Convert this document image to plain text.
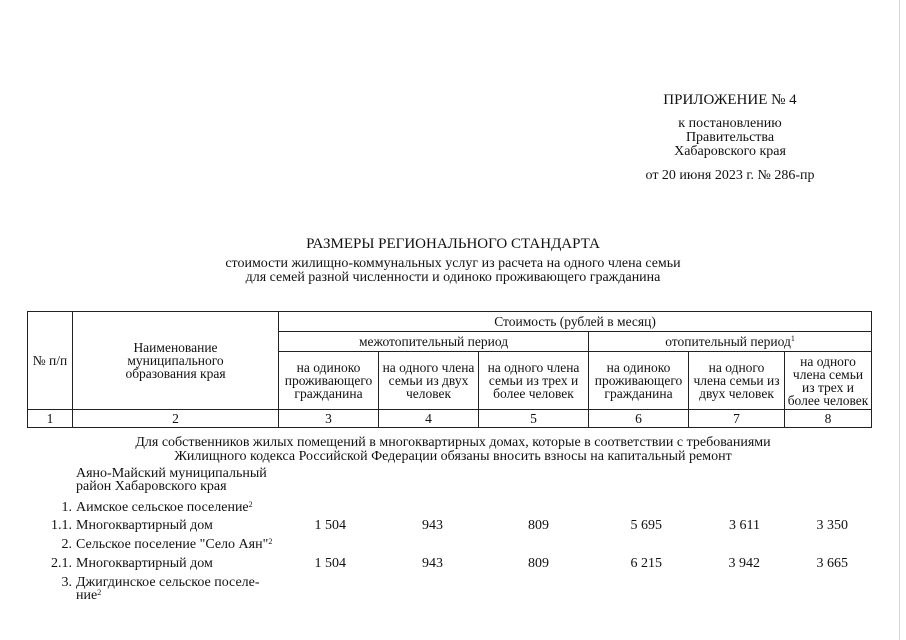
ПРИЛОЖЕНИЕ № 4
к постановлению
Правительства
Хабаровского края
от 20 июня 2023 г. № 286-пр
РАЗМЕРЫ РЕГИОНАЛЬНОГО СТАНДАРТА
стоимости жилищно-коммунальных услуг из расчета на одного члена семьи
для семей разной численности и одиноко проживающего гражданина
№ п/п	Наименование муниципального образования края	Стоимость (рублей в месяц)					
		межотопительный период			отопительный период$^1$
		на одиноко проживающего гражданина	на одного члена семьи из двух человек	на одного члена семьи из трех и более человек	на одиноко проживающего гражданина	на одного члена семьи из двух человек	на одного члена семьи из трех и более человек
1	2	3	4	5	6	7	8
Для собственников жилых помещений в многоквартирных домах, которые в соответствии с требованиями
Жилищного кодекса Российской Федерации обязаны вносить взносы на капитальный ремонт
Аяно-Майский муниципальный
район Хабаровского края
1. Аимское сельское поселение$^2$
1.1. Многоквартирный дом	1 504	943	809	5 695	3 611	3 350
2. Сельское поселение "Село Аян"$^2$
2.1. Многоквартирный дом	1 504	943	809	6 215	3 942	3 665
3. Джигдинское сельское поселе-
ние$^2$
